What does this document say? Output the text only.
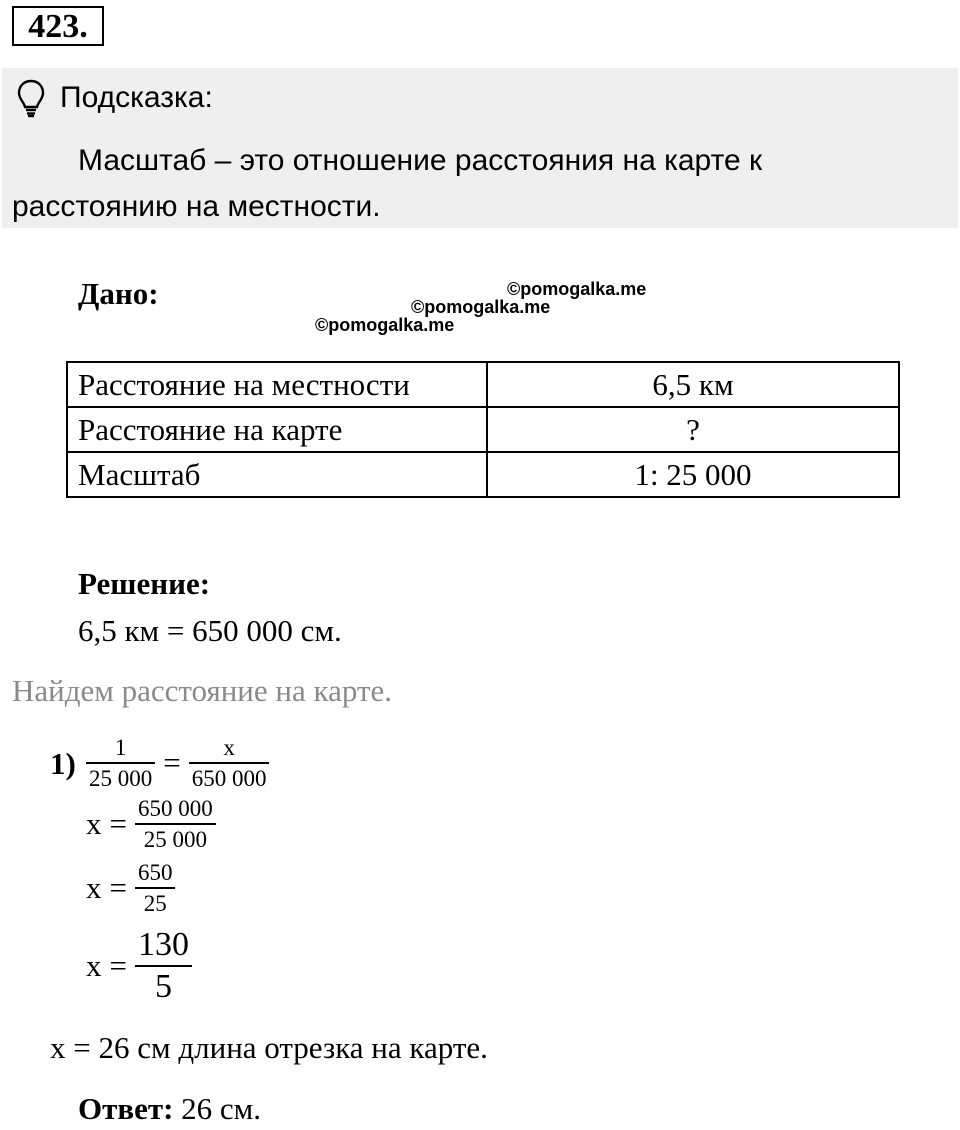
423.
Подсказка:
Масштаб – это отношение расстояния на карте к расстоянию на местности.
Дано:	©pomogalka.me
©pomogalka.me
©pomogalka.me
Расстояние на местности	6,5 км
Расстояние на карте	?
Масштаб	1: 25 000
Решение:
6,5 км = 650 000 см.
Найдем расстояние на карте.
$1) \frac{1}{25 000} = \frac{x}{650 000}$
$x = \frac{650 000}{25 000}$
$x = \frac{650}{25}$
$x = \frac{130}{5}$
x = 26 см длина отрезка на карте.
Ответ: 26 см.
